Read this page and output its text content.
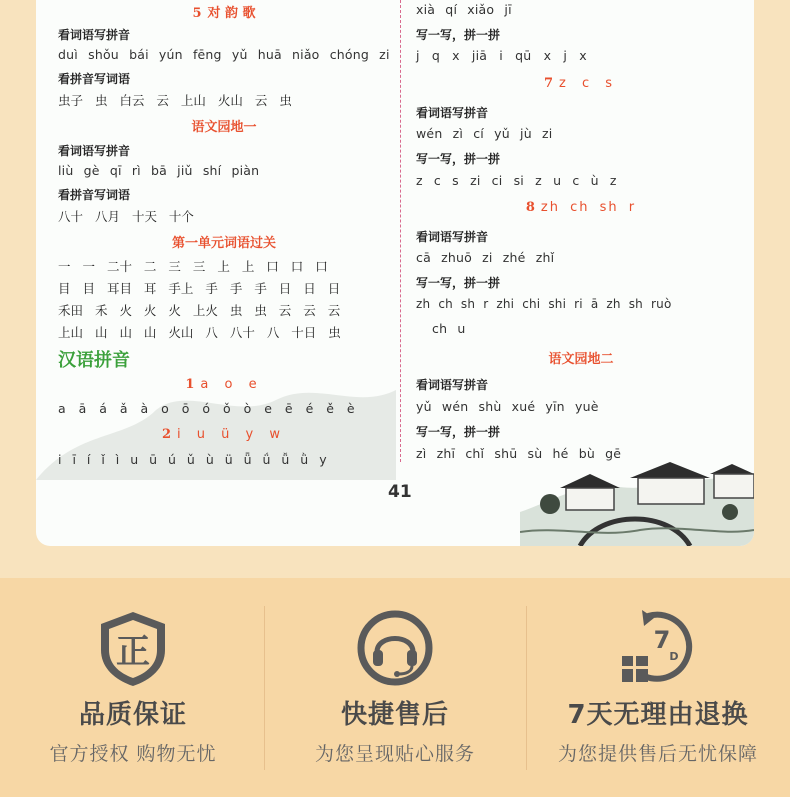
5 对 韵 歌
看词语写拼音
duì shǒu bái yún fēng yǔ huā niǎo chóng zi
看拼音写词语
虫子 虫 白云 云 上山 火山 云 虫
语文园地一
看词语写拼音
liù gè qī rì bā jiǔ shí piàn
看拼音写词语
八十 八月 十天 十个
第一单元词语过关
一 一 二十 二 三 三 上 上 口 口 口
目 目 耳目 耳 手上 手 手 手 日 日 日
禾田 禾 火 火 火 上火 虫 虫 云 云 云
上山 山 山 山 火山 八 八十 八 十日 虫
汉语拼音
1 a o e
a ā á ǎ à o ō ó ǒ ò e ē é ě è
2 i u ü y w
i ī í ǐ ì u ū ú ǔ ù ü ǖ ǘ ǚ ǜ y
xià qí xiǎo jī
写一写，拼一拼
j q x jiā i qū x j x
7 z c s
看词语写拼音
wén zì cí yǔ jù zi
写一写，拼一拼
z c s zi ci si z u c ù z
8 zh ch sh r
看词语写拼音
cā zhuō zi zhé zhǐ
写一写，拼一拼
zh ch sh r zhi chi shi ri ā zh sh ruò
ch u
语文园地二
看词语写拼音
yǔ wén shù xué yīn yuè
写一写，拼一拼
zì zhī chǐ shū sù hé bù gē
41
正
品质保证
官方授权 购物无忧
快捷售后
为您呈现贴心服务
7
D
7天无理由退换
为您提供售后无忧保障
